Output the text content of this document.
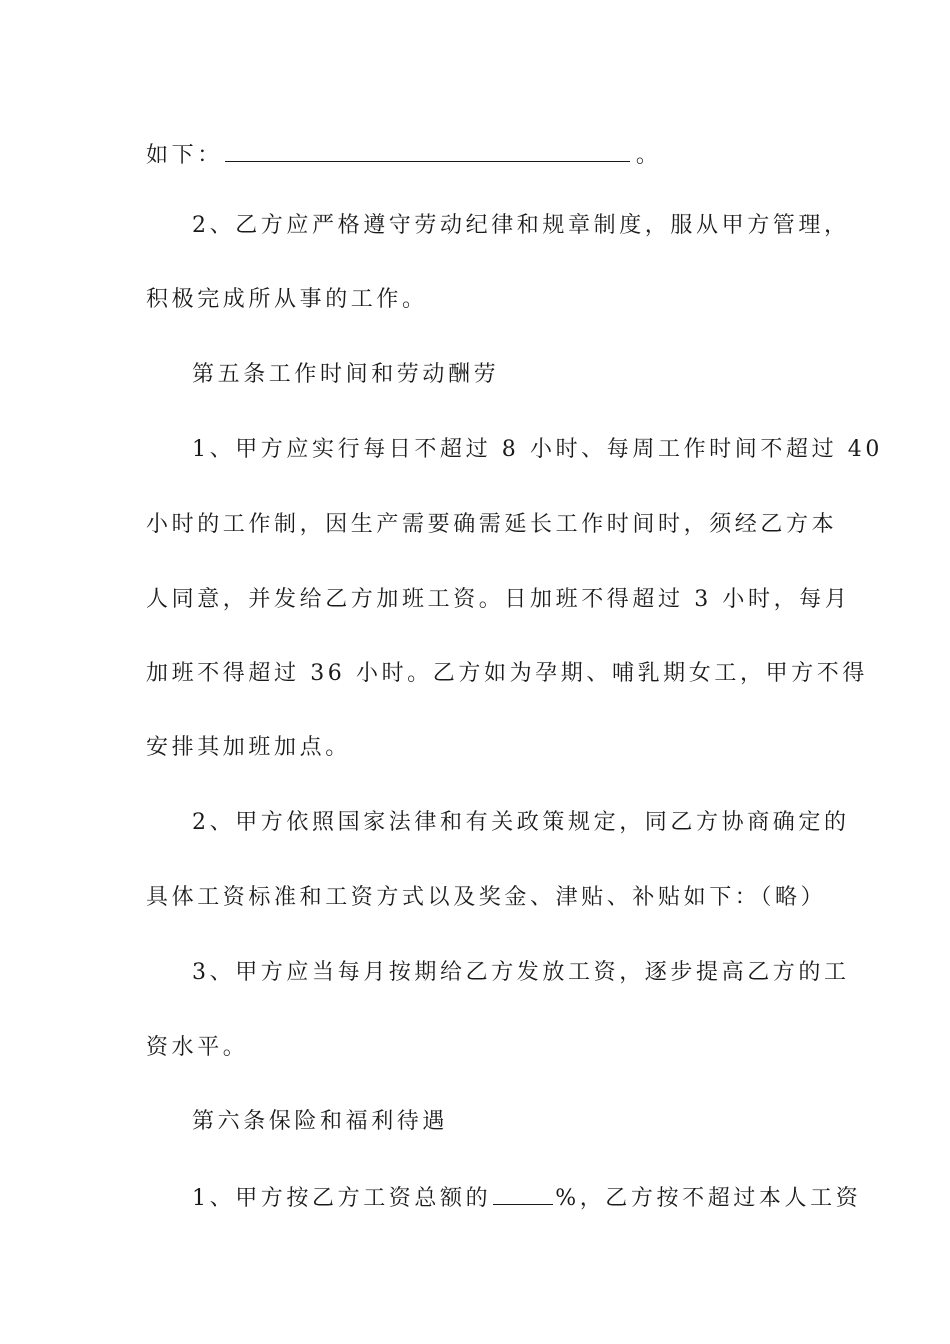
如下：	。
2、乙方应严格遵守劳动纪律和规章制度，服从甲方管理，
积极完成所从事的工作。
第五条工作时间和劳动酬劳
1、甲方应实行每日不超过 8 小时、每周工作时间不超过 40
小时的工作制，因生产需要确需延长工作时间时，须经乙方本
人同意，并发给乙方加班工资。日加班不得超过 3 小时，每月
加班不得超过 36 小时。乙方如为孕期、哺乳期女工，甲方不得
安排其加班加点。
2、甲方依照国家法律和有关政策规定，同乙方协商确定的
具体工资标准和工资方式以及奖金、津贴、补贴如下：（略）
3、甲方应当每月按期给乙方发放工资，逐步提高乙方的工
资水平。
第六条保险和福利待遇
1、甲方按乙方工资总额的	%，乙方按不超过本人工资
